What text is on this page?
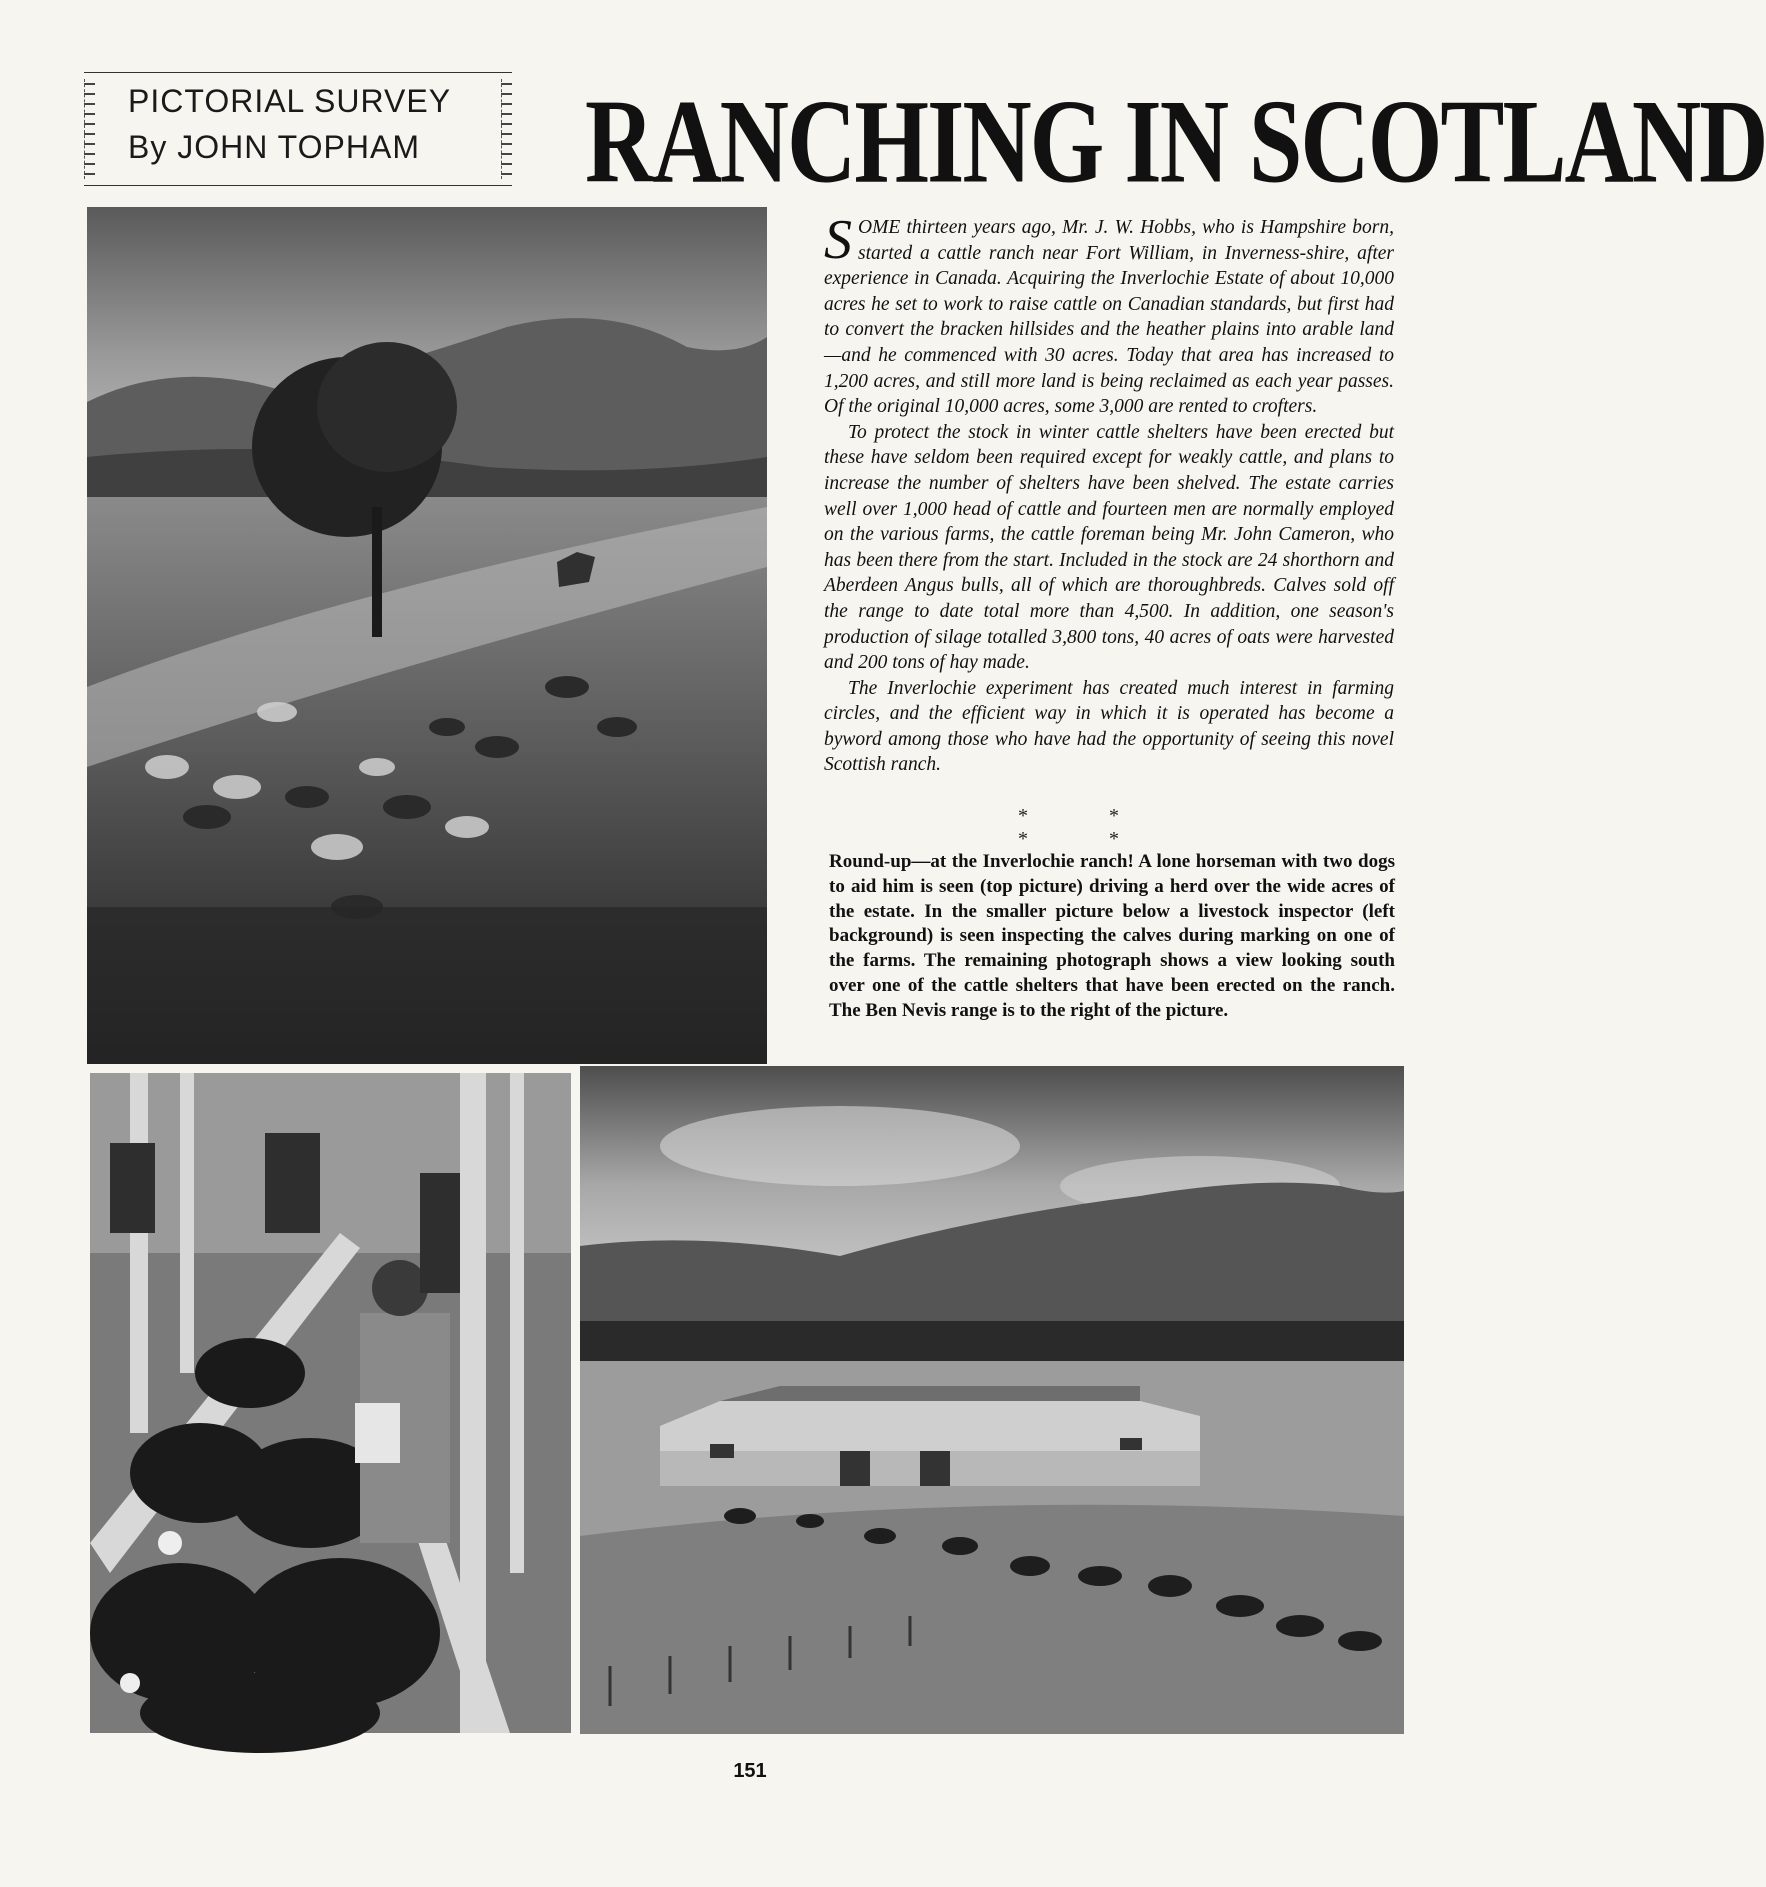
PICTORIAL SURVEY
By JOHN TOPHAM RANCHING IN SCOTLAND

SOME thirteen years ago, Mr. J. W. Hobbs, who is Hampshire born, started a cattle ranch near Fort William, in Inverness-shire, after experience in Canada. Acquiring the Inverlochie Estate of about 10,000 acres he set to work to raise cattle on Canadian standards, but first had to convert the bracken hillsides and the heather plains into arable land—and he commenced with 30 acres. Today that area has increased to 1,200 acres, and still more land is being reclaimed as each year passes. Of the original 10,000 acres, some 3,000 are rented to crofters.

To protect the stock in winter cattle shelters have been erected but these have seldom been required except for weakly cattle, and plans to increase the number of shelters have been shelved. The estate carries well over 1,000 head of cattle and fourteen men are normally employed on the various farms, the cattle foreman being Mr. John Cameron, who has been there from the start. Included in the stock are 24 shorthorn and Aberdeen Angus bulls, all of which are thoroughbreds. Calves sold off the range to date total more than 4,500. In addition, one season's production of silage totalled 3,800 tons, 40 acres of oats were harvested and 200 tons of hay made.

The Inverlochie experiment has created much interest in farming circles, and the efficient way in which it is operated has become a byword among those who have had the opportunity of seeing this novel Scottish ranch.

* * * *
Round-up—at the Inverlochie ranch! A lone horseman with two dogs to aid him is seen (top picture) driving a herd over the wide acres of the estate. In the smaller picture below a livestock inspector (left background) is seen inspecting the calves during marking on one of the farms. The remaining photograph shows a view looking south over one of the cattle shelters that have been erected on the ranch. The Ben Nevis range is to the right of the picture.
151
